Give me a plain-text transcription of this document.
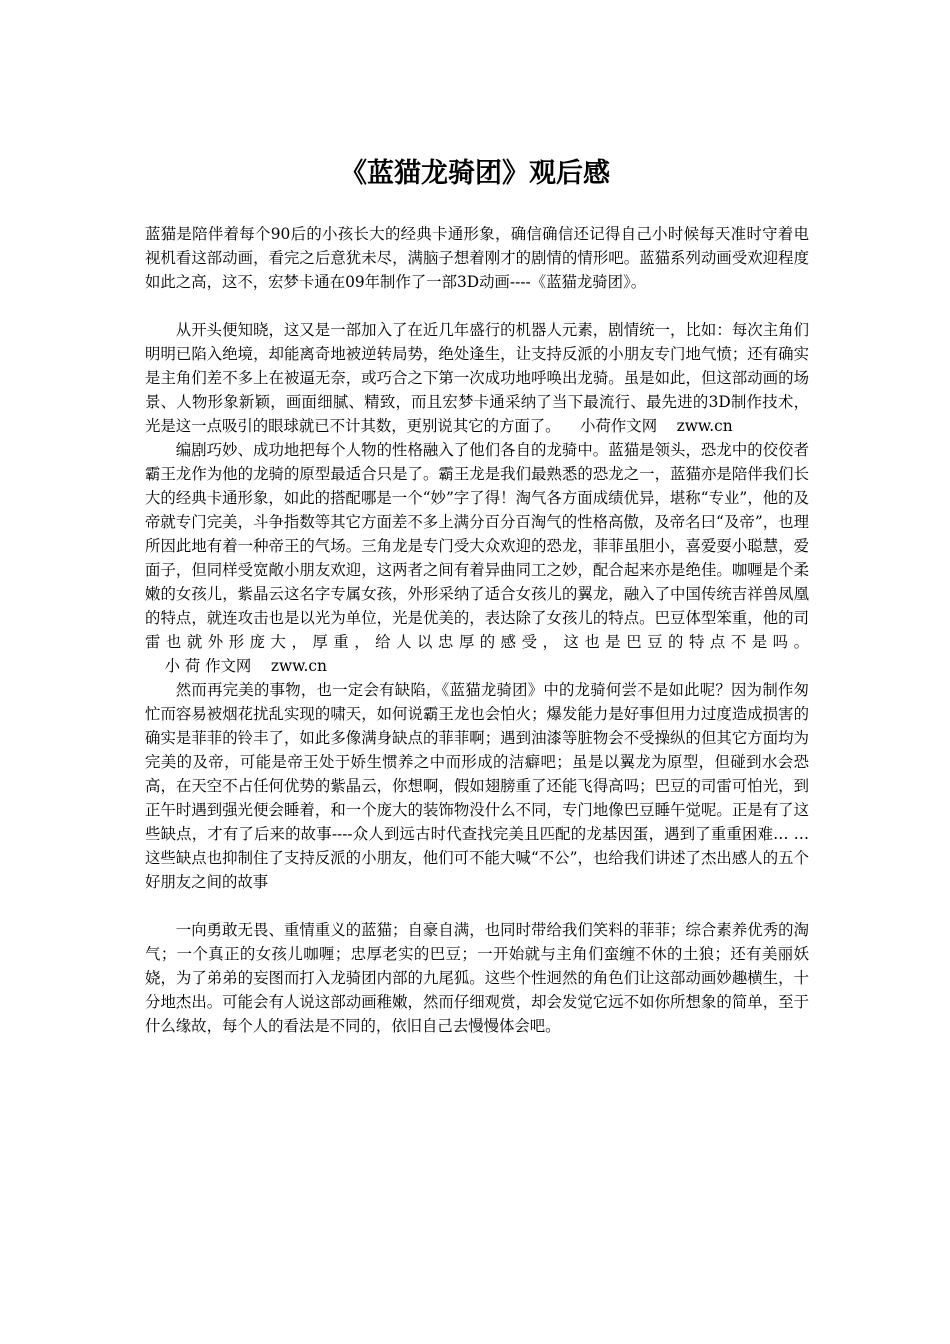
《蓝猫龙骑团》观后感

蓝猫是陪伴着每个90后的小孩长大的经典卡通形象，确信确信还记得自己小时候每天准时守着电视机看这部动画，看完之后意犹未尽，满脑子想着刚才的剧情的情形吧。蓝猫系列动画受欢迎程度如此之高，这不，宏梦卡通在09年制作了一部3D动画----《蓝猫龙骑团》。

从开头便知晓，这又是一部加入了在近几年盛行的机器人元素，剧情统一，比如：每次主角们明明已陷入绝境，却能离奇地被逆转局势，绝处逢生，让支持反派的小朋友专门地气愤；还有确实是主角们差不多上在被逼无奈，或巧合之下第一次成功地呼唤出龙骑。虽是如此，但这部动画的场景、人物形象新颖，画面细腻、精致，而且宏梦卡通采纳了当下最流行、最先进的3D制作技术，光是这一点吸引的眼球就已不计其数，更别说其它的方面了。    小荷作文网    zww.cn

编剧巧妙、成功地把每个人物的性格融入了他们各自的龙骑中。蓝猫是领头，恐龙中的佼佼者霸王龙作为他的龙骑的原型最适合只是了。霸王龙是我们最熟悉的恐龙之一，蓝猫亦是陪伴我们长大的经典卡通形象，如此的搭配哪是一个“妙”字了得！淘气各方面成绩优异，堪称“专业”，他的及帝就专门完美，斗争指数等其它方面差不多上满分百分百淘气的性格高傲，及帝名曰“及帝”，也理所因此地有着一种帝王的气场。三角龙是专门受大众欢迎的恐龙，菲菲虽胆小，喜爱耍小聪慧，爱面子，但同样受宽敞小朋友欢迎，这两者之间有着异曲同工之妙，配合起来亦是绝佳。咖喱是个柔嫩的女孩儿，紫晶云这名字专属女孩，外形采纳了适合女孩儿的翼龙，融入了中国传统吉祥兽凤凰的特点，就连攻击也是以光为单位，光是优美的，表达除了女孩儿的特点。巴豆体型笨重，他的司雷也就外形庞大，厚重，给人以忠厚的感受，这也是巴豆的特点不是吗。    小 荷 作文网    zww.cn

然而再完美的事物，也一定会有缺陷，《蓝猫龙骑团》中的龙骑何尝不是如此呢？因为制作匆忙而容易被烟花扰乱实现的啸天，如何说霸王龙也会怕火；爆发能力是好事但用力过度造成损害的确实是菲菲的铃丰了，如此多像满身缺点的菲菲啊；遇到油漆等脏物会不受操纵的但其它方面均为完美的及帝，可能是帝王处于娇生惯养之中而形成的洁癖吧；虽是以翼龙为原型，但碰到水会恐高，在天空不占任何优势的紫晶云，你想啊，假如翅膀重了还能飞得高吗；巴豆的司雷可怕光，到正午时遇到强光便会睡着，和一个庞大的装饰物没什么不同，专门地像巴豆睡午觉呢。正是有了这些缺点，才有了后来的故事----众人到远古时代查找完美且匹配的龙基因蛋，遇到了重重困难… …这些缺点也抑制住了支持反派的小朋友，他们可不能大喊“不公”，也给我们讲述了杰出感人的五个好朋友之间的故事

一向勇敢无畏、重情重义的蓝猫；自豪自满，也同时带给我们笑料的菲菲；综合素养优秀的淘气；一个真正的女孩儿咖喱；忠厚老实的巴豆；一开始就与主角们蛮缠不休的土狼；还有美丽妖娆，为了弟弟的妄图而打入龙骑团内部的九尾狐。这些个性迥然的角色们让这部动画妙趣横生，十分地杰出。可能会有人说这部动画稚嫩，然而仔细观赏，却会发觉它远不如你所想象的简单，至于什么缘故，每个人的看法是不同的，依旧自己去慢慢体会吧。
